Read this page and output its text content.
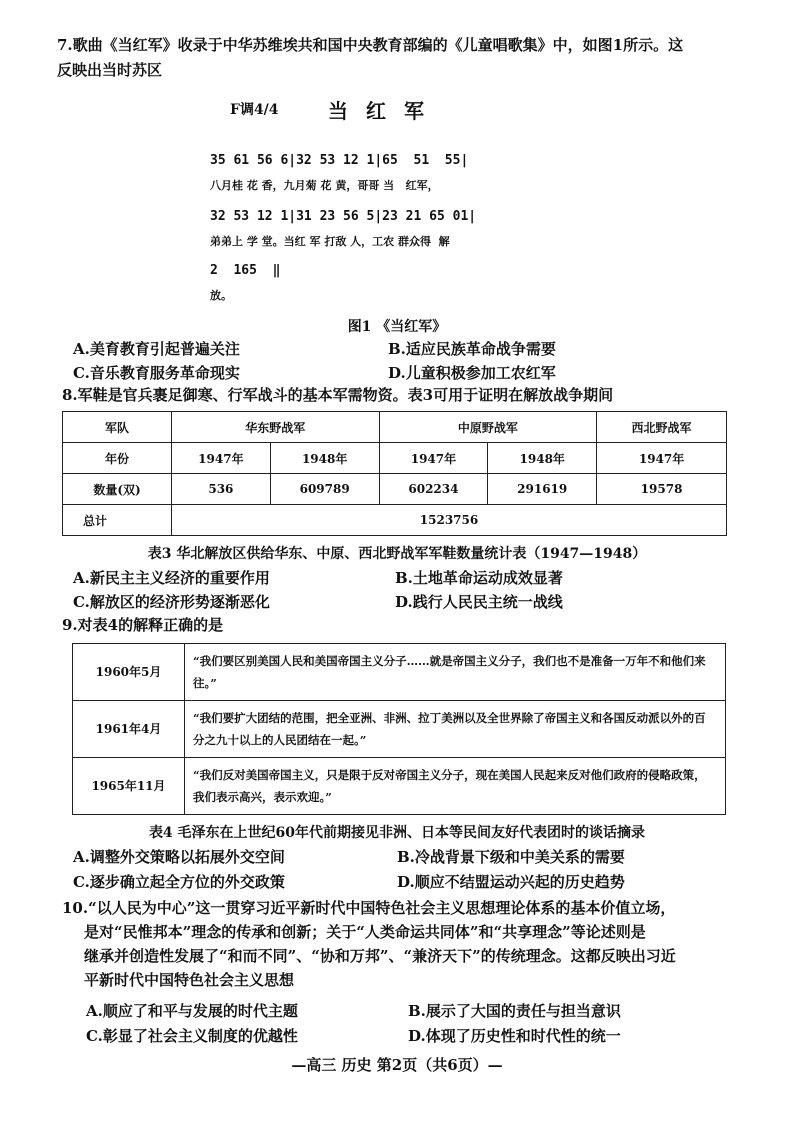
7.歌曲《当红军》收录于中华苏维埃共和国中央教育部编的《儿童唱歌集》中，如图1所示。这
反映出当时苏区
F调4/4	当红军
35 61 56 6|32 53 12 1|65  51  55|
八月桂 花 香，九月菊 花 黄，哥哥 当   红军，
32 53 12 1|31 23 56 5|23 21 65 01|
弟弟上 学 堂。当红 军 打敌 人，工农 群众得  解
2  165  ‖
放。
图1 《当红军》
A.美育教育引起普遍关注	B.适应民族革命战争需要
C.音乐教育服务革命现实	D.儿童积极参加工农红军
8.军鞋是官兵裹足御寒、行军战斗的基本军需物资。表3可用于证明在解放战争期间
军队	华东野战军		中原野战军		西北野战军
年份	1947年	1948年	1947年	1948年	1947年
数量(双)	536	609789	602234	291619	19578
总计	1523756				
表3 华北解放区供给华东、中原、西北野战军军鞋数量统计表（1947—1948）
A.新民主主义经济的重要作用	B.土地革命运动成效显著
C.解放区的经济形势逐渐恶化	D.践行人民民主统一战线
9.对表4的解释正确的是
1960年5月	“我们要区别美国人民和美国帝国主义分子……就是帝国主义分子，我们也不是准备一万年不和他们来往。”
1961年4月	“我们要扩大团结的范围，把全亚洲、非洲、拉丁美洲以及全世界除了帝国主义和各国反动派以外的百分之九十以上的人民团结在一起。”
1965年11月	“我们反对美国帝国主义，只是限于反对帝国主义分子，现在美国人民起来反对他们政府的侵略政策，我们表示高兴，表示欢迎。”
表4 毛泽东在上世纪60年代前期接见非洲、日本等民间友好代表团时的谈话摘录
A.调整外交策略以拓展外交空间	B.冷战背景下级和中美关系的需要
C.逐步确立起全方位的外交政策	D.顺应不结盟运动兴起的历史趋势
10.“以人民为中心”这一贯穿习近平新时代中国特色社会主义思想理论体系的基本价值立场，
是对“民惟邦本”理念的传承和创新；关于“人类命运共同体”和“共享理念”等论述则是
继承并创造性发展了“和而不同”、“协和万邦”、“兼济天下”的传统理念。这都反映出习近
平新时代中国特色社会主义思想
A.顺应了和平与发展的时代主题	B.展示了大国的责任与担当意识
C.彰显了社会主义制度的优越性	D.体现了历史性和时代性的统一
—高三 历史 第2页（共6页）—
